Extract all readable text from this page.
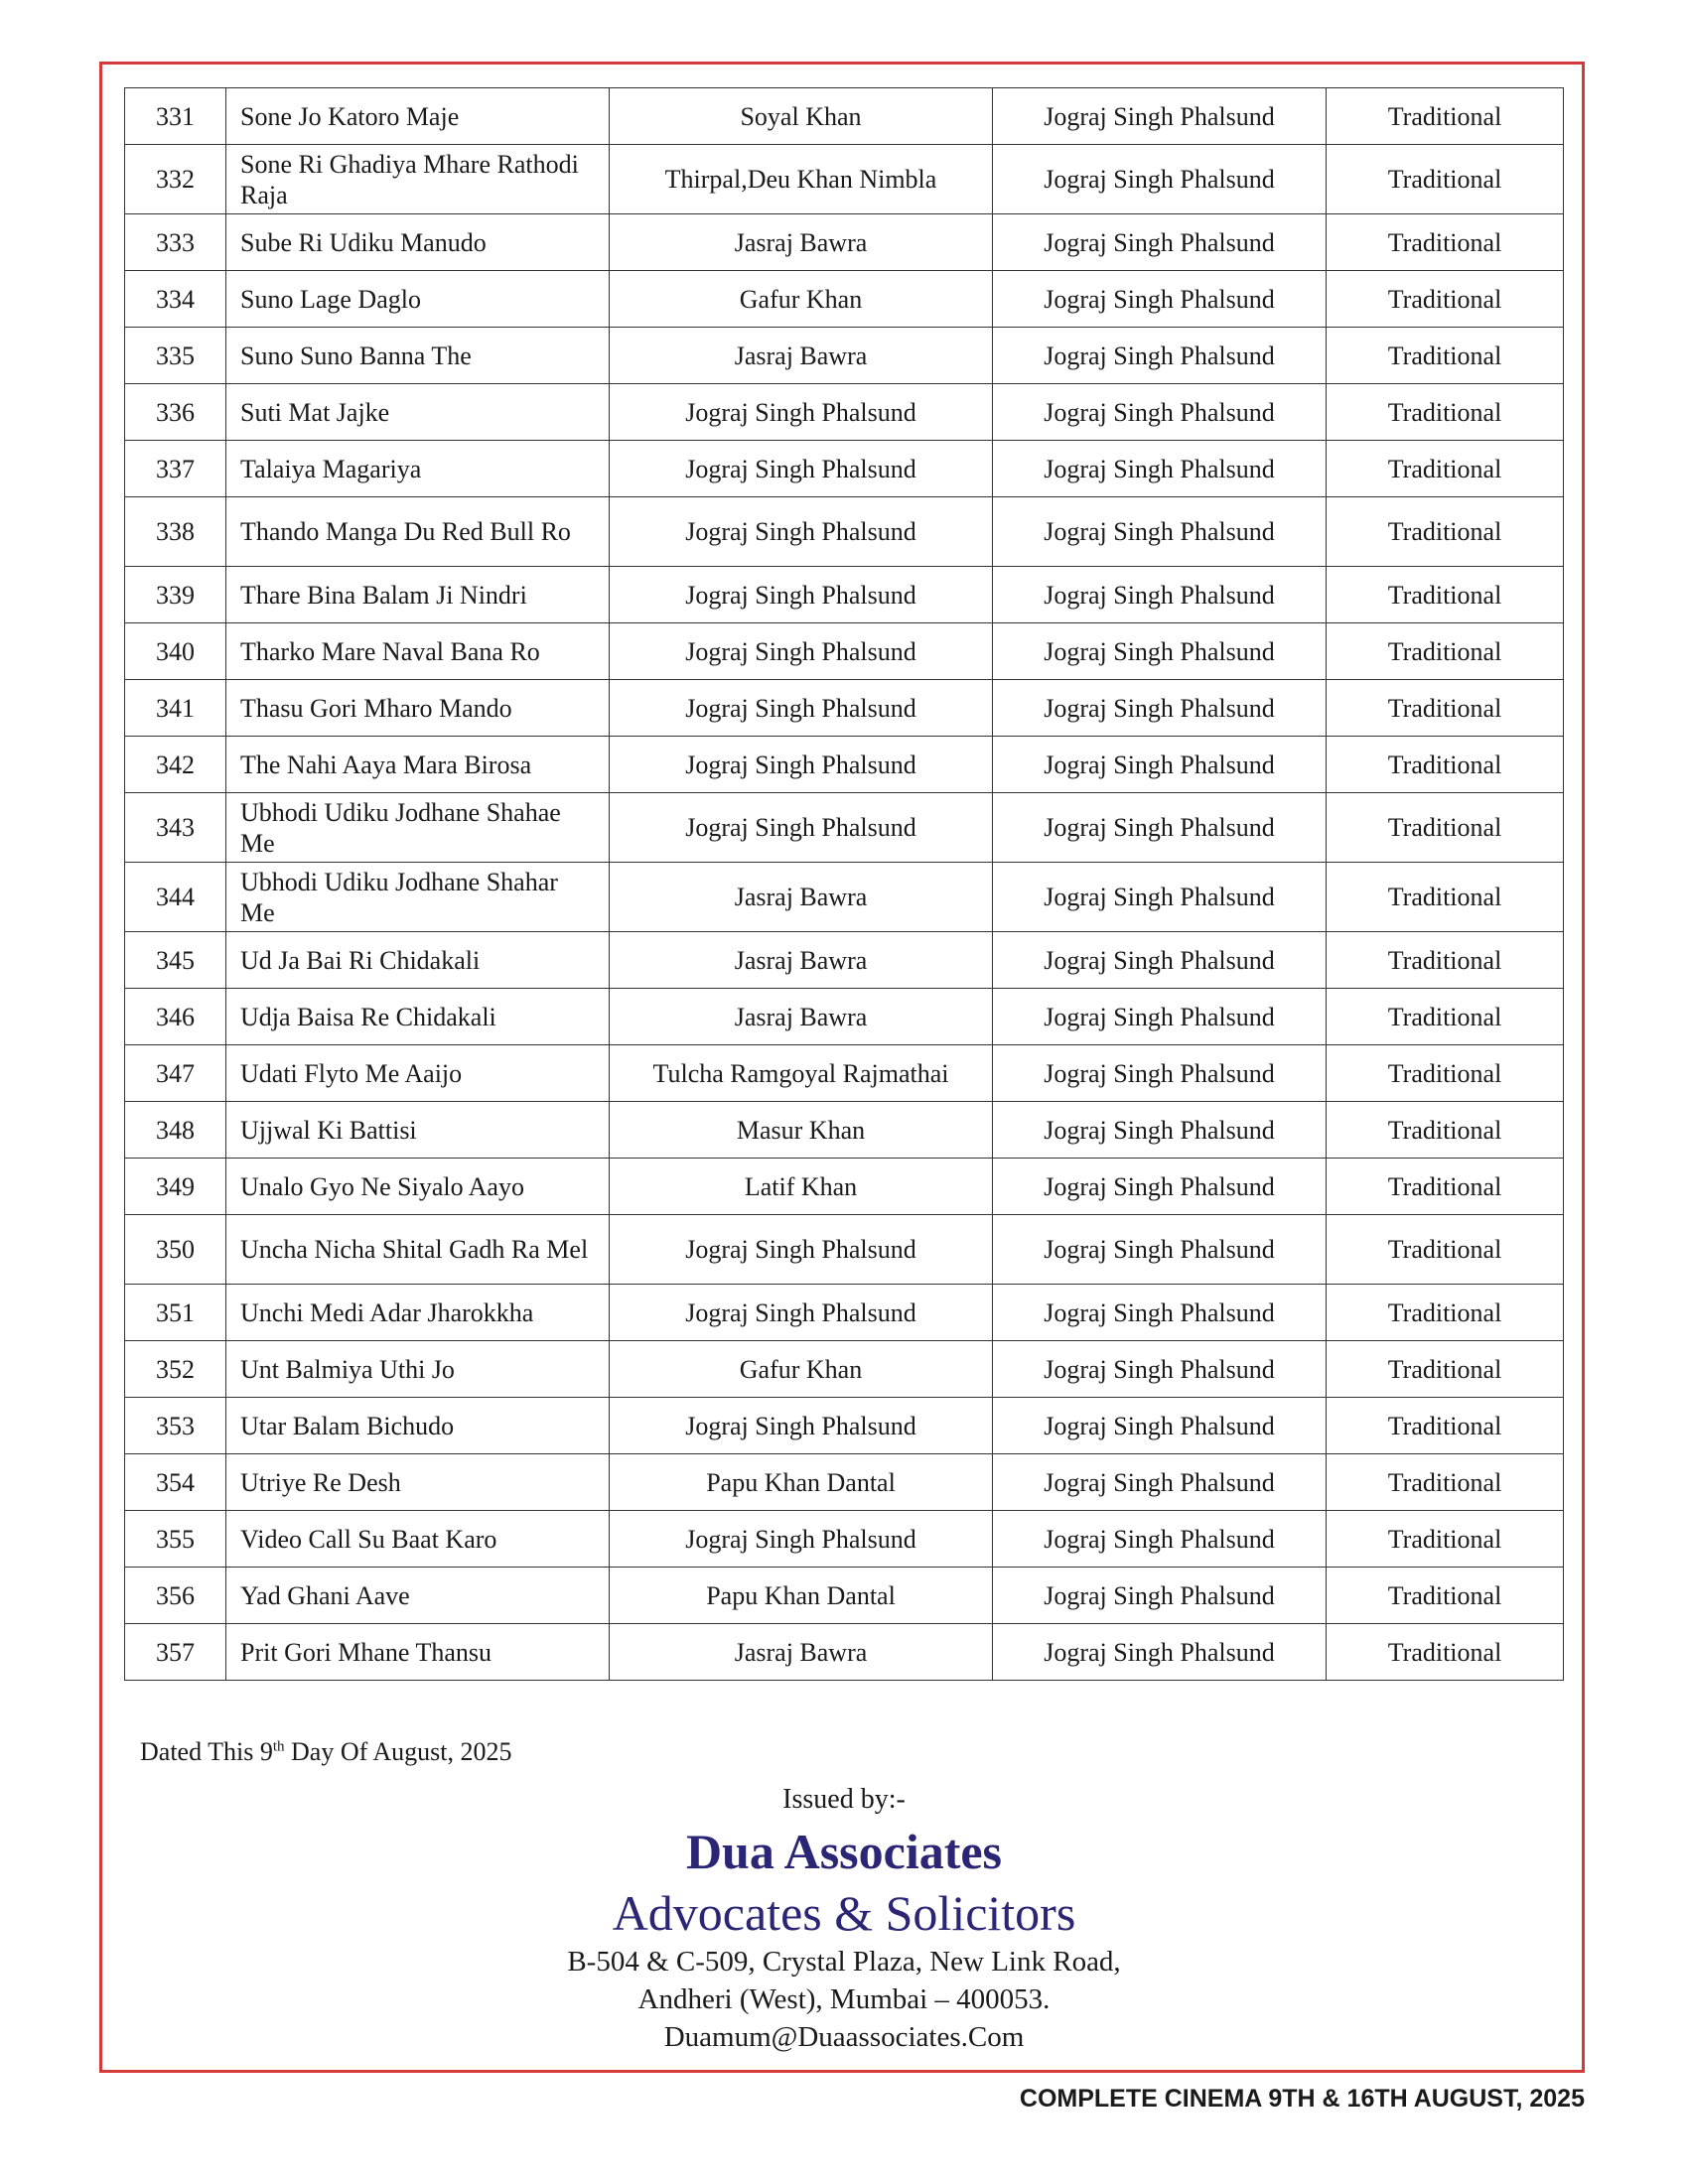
331	Sone Jo Katoro Maje	Soyal Khan	Jograj Singh Phalsund	Traditional
332	Sone Ri Ghadiya Mhare Rathodi Raja	Thirpal,Deu Khan Nimbla	Jograj Singh Phalsund	Traditional
333	Sube Ri Udiku Manudo	Jasraj Bawra	Jograj Singh Phalsund	Traditional
334	Suno Lage Daglo	Gafur Khan	Jograj Singh Phalsund	Traditional
335	Suno Suno Banna The	Jasraj Bawra	Jograj Singh Phalsund	Traditional
336	Suti Mat Jajke	Jograj Singh Phalsund	Jograj Singh Phalsund	Traditional
337	Talaiya Magariya	Jograj Singh Phalsund	Jograj Singh Phalsund	Traditional
338	Thando Manga Du Red Bull Ro	Jograj Singh Phalsund	Jograj Singh Phalsund	Traditional
339	Thare Bina Balam Ji Nindri	Jograj Singh Phalsund	Jograj Singh Phalsund	Traditional
340	Tharko Mare Naval Bana Ro	Jograj Singh Phalsund	Jograj Singh Phalsund	Traditional
341	Thasu Gori Mharo Mando	Jograj Singh Phalsund	Jograj Singh Phalsund	Traditional
342	The Nahi Aaya Mara Birosa	Jograj Singh Phalsund	Jograj Singh Phalsund	Traditional
343	Ubhodi Udiku Jodhane Shahae Me	Jograj Singh Phalsund	Jograj Singh Phalsund	Traditional
344	Ubhodi Udiku Jodhane Shahar Me	Jasraj Bawra	Jograj Singh Phalsund	Traditional
345	Ud Ja Bai Ri Chidakali	Jasraj Bawra	Jograj Singh Phalsund	Traditional
346	Udja Baisa Re Chidakali	Jasraj Bawra	Jograj Singh Phalsund	Traditional
347	Udati Flyto Me Aaijo	Tulcha Ramgoyal Rajmathai	Jograj Singh Phalsund	Traditional
348	Ujjwal Ki Battisi	Masur Khan	Jograj Singh Phalsund	Traditional
349	Unalo Gyo Ne Siyalo Aayo	Latif Khan	Jograj Singh Phalsund	Traditional
350	Uncha Nicha Shital Gadh Ra Mel	Jograj Singh Phalsund	Jograj Singh Phalsund	Traditional
351	Unchi Medi Adar Jharokkha	Jograj Singh Phalsund	Jograj Singh Phalsund	Traditional
352	Unt Balmiya Uthi Jo	Gafur Khan	Jograj Singh Phalsund	Traditional
353	Utar Balam Bichudo	Jograj Singh Phalsund	Jograj Singh Phalsund	Traditional
354	Utriye Re Desh	Papu Khan Dantal	Jograj Singh Phalsund	Traditional
355	Video Call Su Baat Karo	Jograj Singh Phalsund	Jograj Singh Phalsund	Traditional
356	Yad Ghani Aave	Papu Khan Dantal	Jograj Singh Phalsund	Traditional
357	Prit Gori Mhane Thansu	Jasraj Bawra	Jograj Singh Phalsund	Traditional
Dated This 9th Day Of August, 2025
Issued by:-
Dua Associates
Advocates & Solicitors
B-504 & C-509, Crystal Plaza, New Link Road,
Andheri (West), Mumbai – 400053.
Duamum@Duaassociates.Com
COMPLETE CINEMA 9TH & 16TH AUGUST, 2025
